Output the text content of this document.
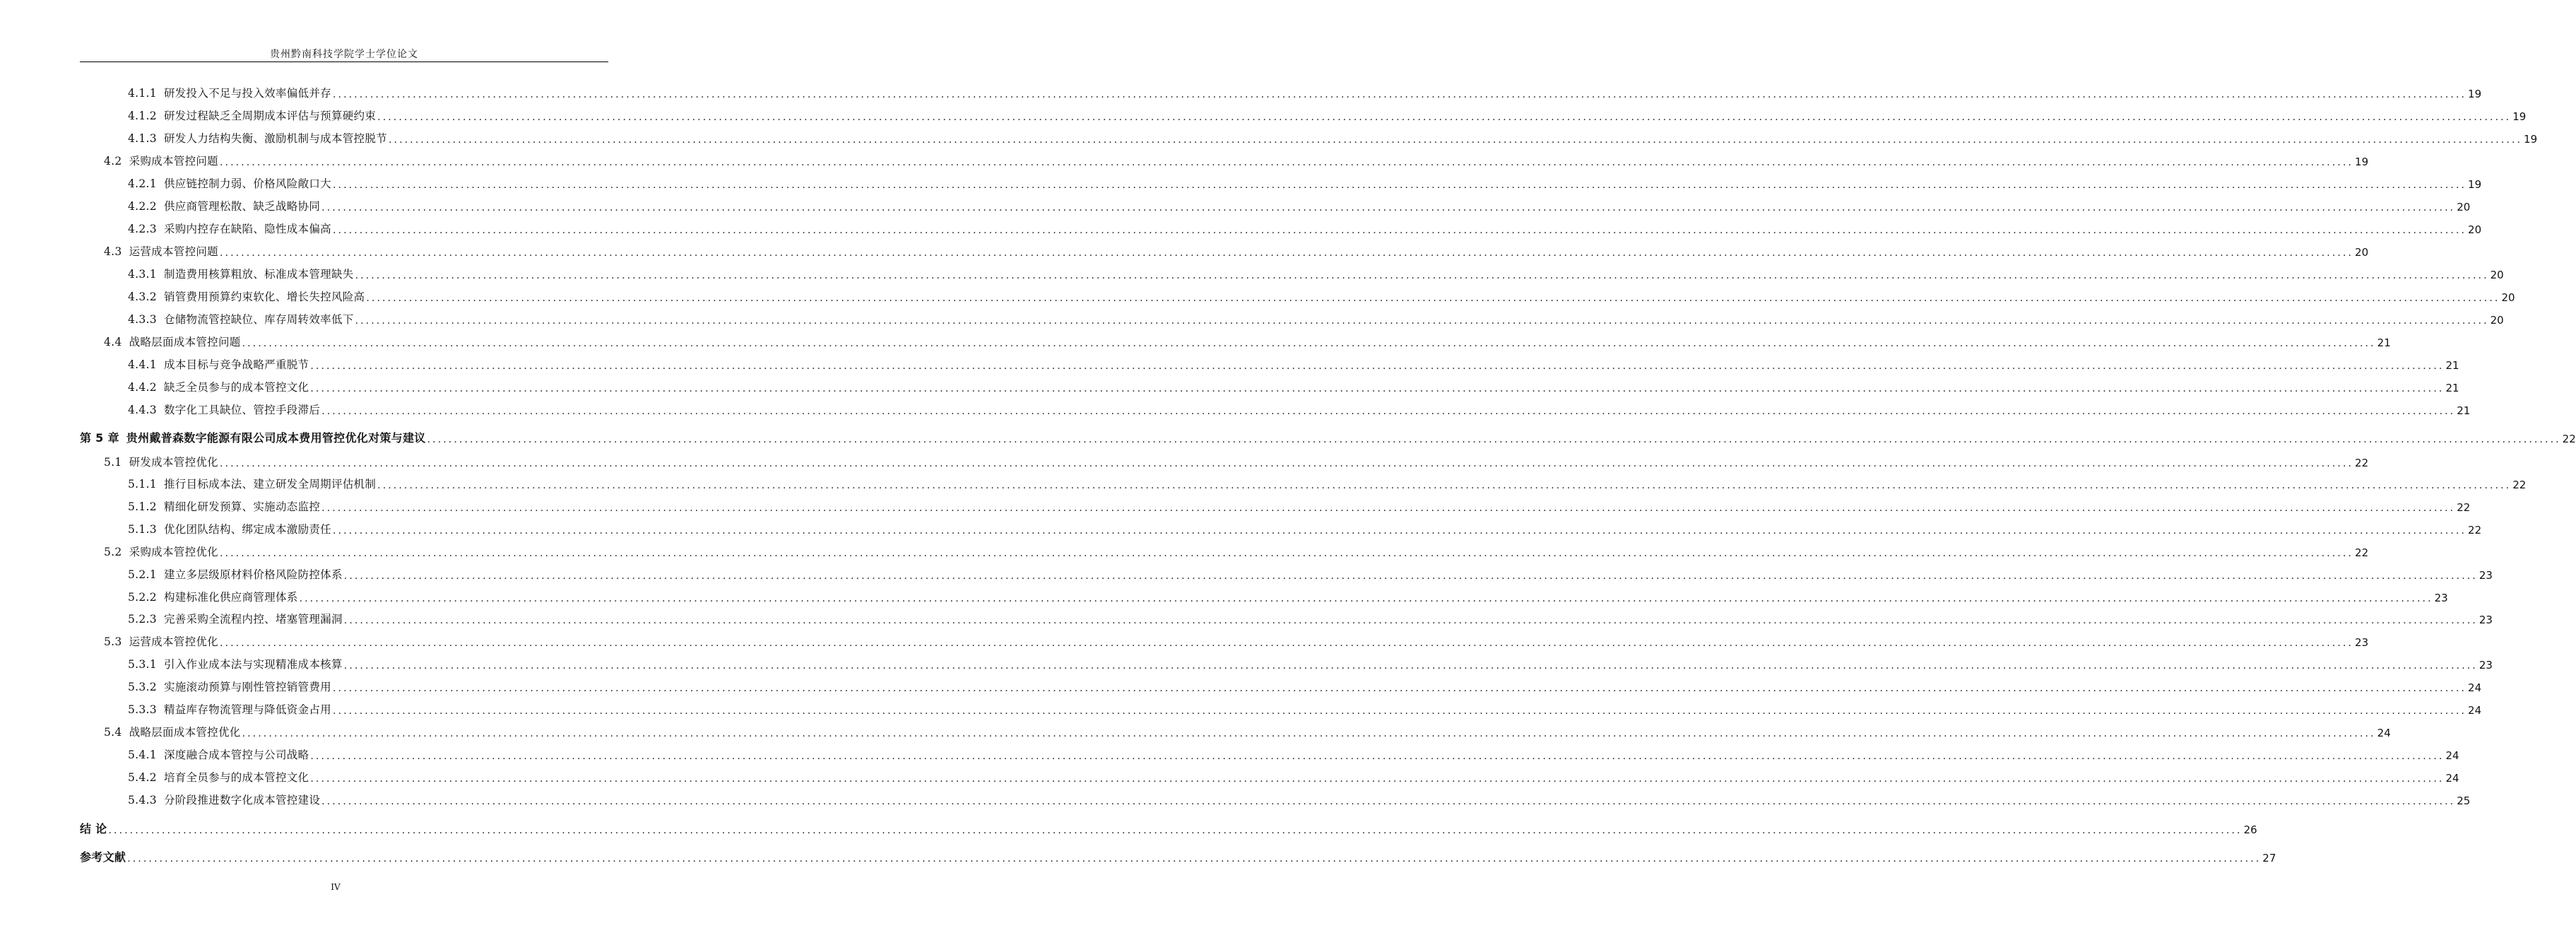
贵州黔南科技学院学士学位论文
4.1.1 研发投入不足与投入效率偏低并存 ................................................................................................................................................................................................................................................................................................................................................................................................................ 19
4.1.2 研发过程缺乏全周期成本评估与预算硬约束 ................................................................................................................................................................................................................................................................................................................................................................................................................ 19
4.1.3 研发人力结构失衡、激励机制与成本管控脱节 ................................................................................................................................................................................................................................................................................................................................................................................................................ 19
4.2 采购成本管控问题 ................................................................................................................................................................................................................................................................................................................................................................................................................ 19
4.2.1 供应链控制力弱、价格风险敞口大 ................................................................................................................................................................................................................................................................................................................................................................................................................ 19
4.2.2 供应商管理松散、缺乏战略协同 ................................................................................................................................................................................................................................................................................................................................................................................................................ 20
4.2.3 采购内控存在缺陷、隐性成本偏高 ................................................................................................................................................................................................................................................................................................................................................................................................................ 20
4.3 运营成本管控问题 ................................................................................................................................................................................................................................................................................................................................................................................................................ 20
4.3.1 制造费用核算粗放、标准成本管理缺失 ................................................................................................................................................................................................................................................................................................................................................................................................................ 20
4.3.2 销管费用预算约束软化、增长失控风险高 ................................................................................................................................................................................................................................................................................................................................................................................................................ 20
4.3.3 仓储物流管控缺位、库存周转效率低下 ................................................................................................................................................................................................................................................................................................................................................................................................................ 20
4.4 战略层面成本管控问题 ................................................................................................................................................................................................................................................................................................................................................................................................................ 21
4.4.1 成本目标与竞争战略严重脱节 ................................................................................................................................................................................................................................................................................................................................................................................................................ 21
4.4.2 缺乏全员参与的成本管控文化 ................................................................................................................................................................................................................................................................................................................................................................................................................ 21
4.4.3 数字化工具缺位、管控手段滞后 ................................................................................................................................................................................................................................................................................................................................................................................................................ 21
第 5 章 贵州戴普森数字能源有限公司成本费用管控优化对策与建议 ................................................................................................................................................................................................................................................................................................................................................................................................................ 22
5.1 研发成本管控优化 ................................................................................................................................................................................................................................................................................................................................................................................................................ 22
5.1.1 推行目标成本法、建立研发全周期评估机制 ................................................................................................................................................................................................................................................................................................................................................................................................................ 22
5.1.2 精细化研发预算、实施动态监控 ................................................................................................................................................................................................................................................................................................................................................................................................................ 22
5.1.3 优化团队结构、绑定成本激励责任 ................................................................................................................................................................................................................................................................................................................................................................................................................ 22
5.2 采购成本管控优化 ................................................................................................................................................................................................................................................................................................................................................................................................................ 22
5.2.1 建立多层级原材料价格风险防控体系 ................................................................................................................................................................................................................................................................................................................................................................................................................ 23
5.2.2 构建标准化供应商管理体系 ................................................................................................................................................................................................................................................................................................................................................................................................................ 23
5.2.3 完善采购全流程内控、堵塞管理漏洞 ................................................................................................................................................................................................................................................................................................................................................................................................................ 23
5.3 运营成本管控优化 ................................................................................................................................................................................................................................................................................................................................................................................................................ 23
5.3.1 引入作业成本法与实现精准成本核算 ................................................................................................................................................................................................................................................................................................................................................................................................................ 23
5.3.2 实施滚动预算与刚性管控销管费用 ................................................................................................................................................................................................................................................................................................................................................................................................................ 24
5.3.3 精益库存物流管理与降低资金占用 ................................................................................................................................................................................................................................................................................................................................................................................................................ 24
5.4 战略层面成本管控优化 ................................................................................................................................................................................................................................................................................................................................................................................................................ 24
5.4.1 深度融合成本管控与公司战略 ................................................................................................................................................................................................................................................................................................................................................................................................................ 24
5.4.2 培育全员参与的成本管控文化 ................................................................................................................................................................................................................................................................................................................................................................................................................ 24
5.4.3 分阶段推进数字化成本管控建设 ................................................................................................................................................................................................................................................................................................................................................................................................................ 25
结 论 ................................................................................................................................................................................................................................................................................................................................................................................................................ 26
参考文献 ................................................................................................................................................................................................................................................................................................................................................................................................................ 27
IV
